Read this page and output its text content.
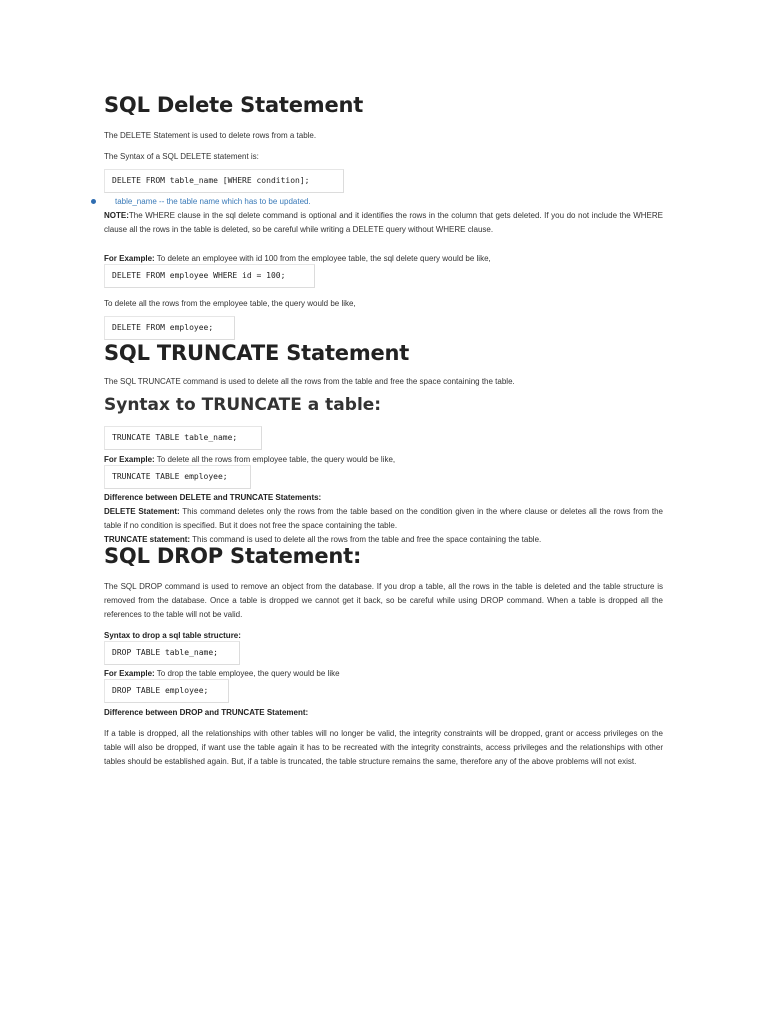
SQL Delete Statement

The DELETE Statement is used to delete rows from a table.

The Syntax of a SQL DELETE statement is:

DELETE FROM table_name [WHERE condition];

table_name -- the table name which has to be updated.

NOTE:The WHERE clause in the sql delete command is optional and it identifies the rows in the column that gets deleted. If you do not include the WHERE clause all the rows in the table is deleted, so be careful while writing a DELETE query without WHERE clause.

For Example: To delete an employee with id 100 from the employee table, the sql delete query would be like,

DELETE FROM employee WHERE id = 100;

To delete all the rows from the employee table, the query would be like,

DELETE FROM employee;
SQL TRUNCATE Statement

The SQL TRUNCATE command is used to delete all the rows from the table and free the space containing the table.

Syntax to TRUNCATE a table:
TRUNCATE TABLE table_name;

For Example: To delete all the rows from employee table, the query would be like,

TRUNCATE TABLE employee;

Difference between DELETE and TRUNCATE Statements:

DELETE Statement: This command deletes only the rows from the table based on the condition given in the where clause or deletes all the rows from the table if no condition is specified. But it does not free the space containing the table.

TRUNCATE statement: This command is used to delete all the rows from the table and free the space containing the table.

SQL DROP Statement:

The SQL DROP command is used to remove an object from the database. If you drop a table, all the rows in the table is deleted and the table structure is removed from the database. Once a table is dropped we cannot get it back, so be careful while using DROP command. When a table is dropped all the references to the table will not be valid.

Syntax to drop a sql table structure:

DROP TABLE table_name;

For Example: To drop the table employee, the query would be like

DROP TABLE employee;

Difference between DROP and TRUNCATE Statement:

If a table is dropped, all the relationships with other tables will no longer be valid, the integrity constraints will be dropped, grant or access privileges on the table will also be dropped, if want use the table again it has to be recreated with the integrity constraints, access privileges and the relationships with other tables should be established again. But, if a table is truncated, the table structure remains the same, therefore any of the above problems will not exist.
